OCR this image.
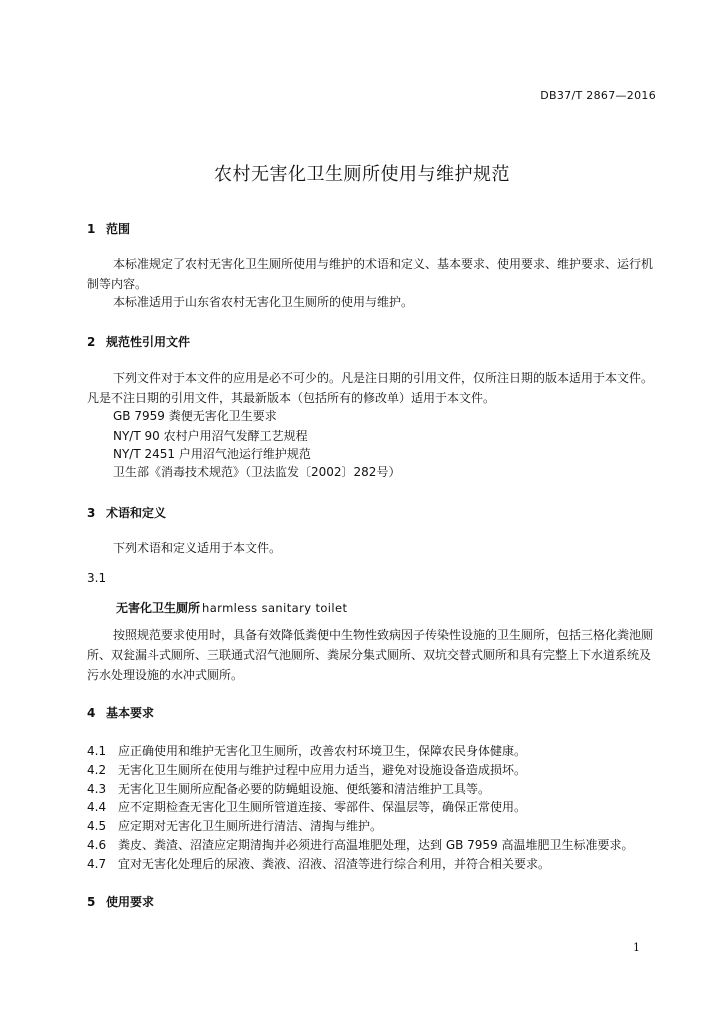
DB37/T 2867—2016
农村无害化卫生厕所使用与维护规范
1 范围
本标准规定了农村无害化卫生厕所使用与维护的术语和定义、基本要求、使用要求、维护要求、运行机制等内容。
本标准适用于山东省农村无害化卫生厕所的使用与维护。
2 规范性引用文件
下列文件对于本文件的应用是必不可少的。凡是注日期的引用文件，仅所注日期的版本适用于本文件。凡是不注日期的引用文件，其最新版本（包括所有的修改单）适用于本文件。
GB 7959 粪便无害化卫生要求
NY/T 90 农村户用沼气发酵工艺规程
NY/T 2451 户用沼气池运行维护规范
卫生部《消毒技术规范》（卫法监发〔2002〕282号）
3 术语和定义
下列术语和定义适用于本文件。
3.1
无害化卫生厕所 harmless sanitary toilet
按照规范要求使用时，具备有效降低粪便中生物性致病因子传染性设施的卫生厕所，包括三格化粪池厕所、双瓮漏斗式厕所、三联通式沼气池厕所、粪尿分集式厕所、双坑交替式厕所和具有完整上下水道系统及污水处理设施的水冲式厕所。
4 基本要求
4.1 应正确使用和维护无害化卫生厕所，改善农村环境卫生，保障农民身体健康。
4.2 无害化卫生厕所在使用与维护过程中应用力适当，避免对设施设备造成损坏。
4.3 无害化卫生厕所应配备必要的防蝇蛆设施、便纸篓和清洁维护工具等。
4.4 应不定期检查无害化卫生厕所管道连接、零部件、保温层等，确保正常使用。
4.5 应定期对无害化卫生厕所进行清洁、清掏与维护。
4.6 粪皮、粪渣、沼渣应定期清掏并必须进行高温堆肥处理，达到 GB 7959 高温堆肥卫生标准要求。
4.7 宜对无害化处理后的尿液、粪液、沼液、沼渣等进行综合利用，并符合相关要求。
5 使用要求
1
